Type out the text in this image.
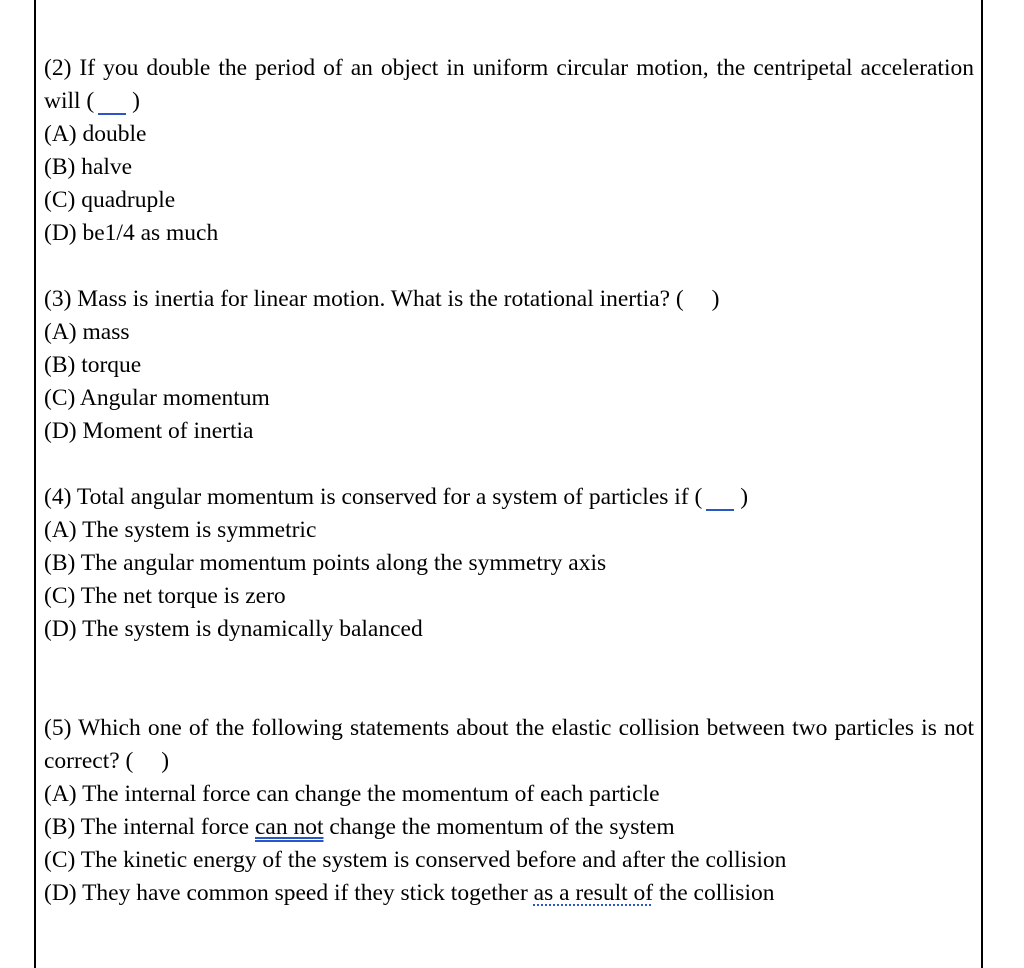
(2) If you double the period of an object in uniform circular motion, the centripetal acceleration will ( )
(A) double
(B) halve
(C) quadruple
(D) be1/4 as much
(3) Mass is inertia for linear motion. What is the rotational inertia? ( )
(A) mass
(B) torque
(C) Angular momentum
(D) Moment of inertia
(4) Total angular momentum is conserved for a system of particles if ( )
(A) The system is symmetric
(B) The angular momentum points along the symmetry axis
(C) The net torque is zero
(D) The system is dynamically balanced
(5) Which one of the following statements about the elastic collision between two particles is not correct? ( )
(A) The internal force can change the momentum of each particle
(B) The internal force can not change the momentum of the system
(C) The kinetic energy of the system is conserved before and after the collision
(D) They have common speed if they stick together as a result of the collision
